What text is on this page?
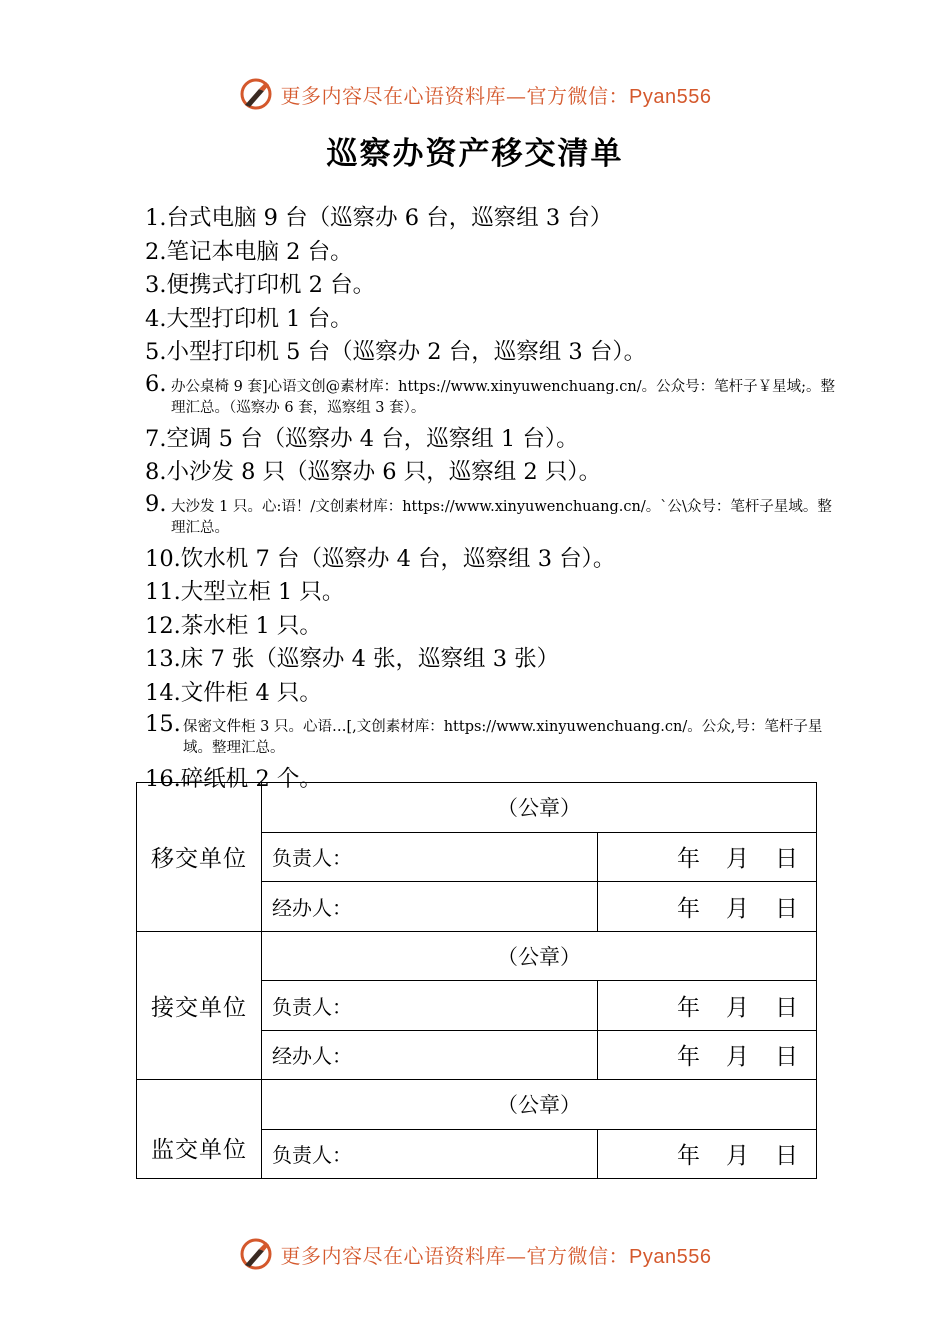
更多内容尽在心语资料库—官方微信：Pyan556
巡察办资产移交清单
1. 台式电脑 9 台（巡察办 6 台，巡察组 3 台）
2. 笔记本电脑 2 台。
3. 便携式打印机 2 台。
4. 大型打印机 1 台。
5. 小型打印机 5 台（巡察办 2 台，巡察组 3 台）。
6. 办公桌椅 9 套]心语文创@素材库：https://www.xinyuwenchuang.cn/。公众号：笔杆子￥星域;。整理汇总。（巡察办 6 套，巡察组 3 套）。
7. 空调 5 台（巡察办 4 台，巡察组 1 台）。
8. 小沙发 8 只（巡察办 6 只，巡察组 2 只）。
9. 大沙发 1 只。心:语！/文创素材库：https://www.xinyuwenchuang.cn/。`公\众号：笔杆子星域。整理汇总。
10. 饮水机 7 台（巡察办 4 台，巡察组 3 台）。
11. 大型立柜 1 只。
12. 茶水柜 1 只。
13. 床 7 张（巡察办 4 张，巡察组 3 张）
14. 文件柜 4 只。
15. 保密文件柜 3 只。心语…[,文创素材库：https://www.xinyuwenchuang.cn/。公众,号：笔杆子星域。整理汇总。
16. 碎纸机 2 个。
移交单位	（公章）	
	负责人：	年 月 日
	经办人：	年 月 日
接交单位	（公章）	
	负责人：	年 月 日
	经办人：	年 月 日
监交单位	（公章）	
	负责人：	年 月 日
更多内容尽在心语资料库—官方微信：Pyan556
